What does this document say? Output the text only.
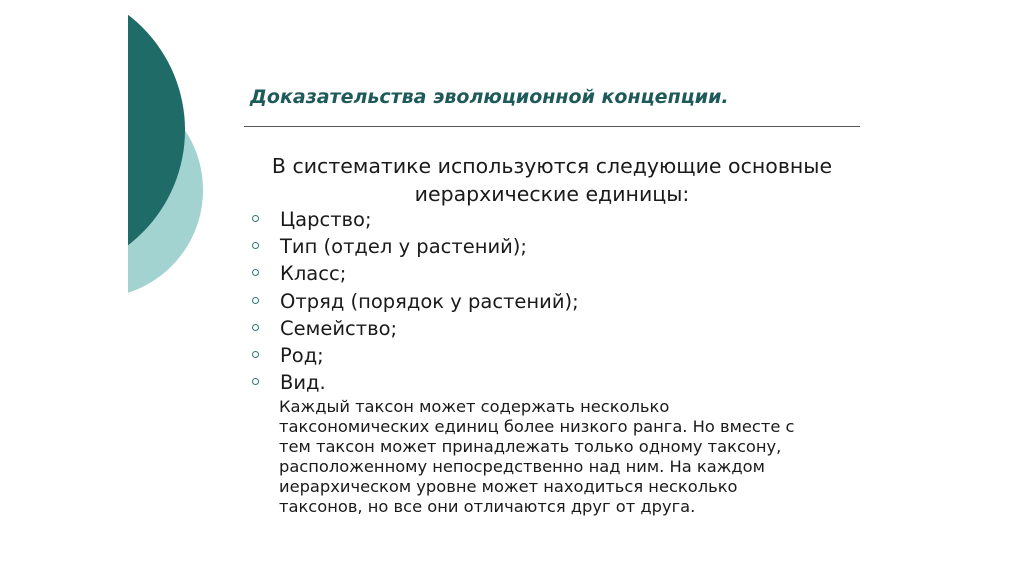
Доказательства эволюционной концепции.
В систематике используются следующие основные иерархические единицы:
Царство;
Тип (отдел у растений);
Класс;
Отряд (порядок у растений);
Семейство;
Род;
Вид.

Каждый таксон может содержать несколько
таксономических единиц более низкого ранга. Но вместе с
тем таксон может принадлежать только одному таксону,
расположенному непосредственно над ним. На каждом
иерархическом уровне может находиться несколько
таксонов, но все они отличаются друг от друга.
